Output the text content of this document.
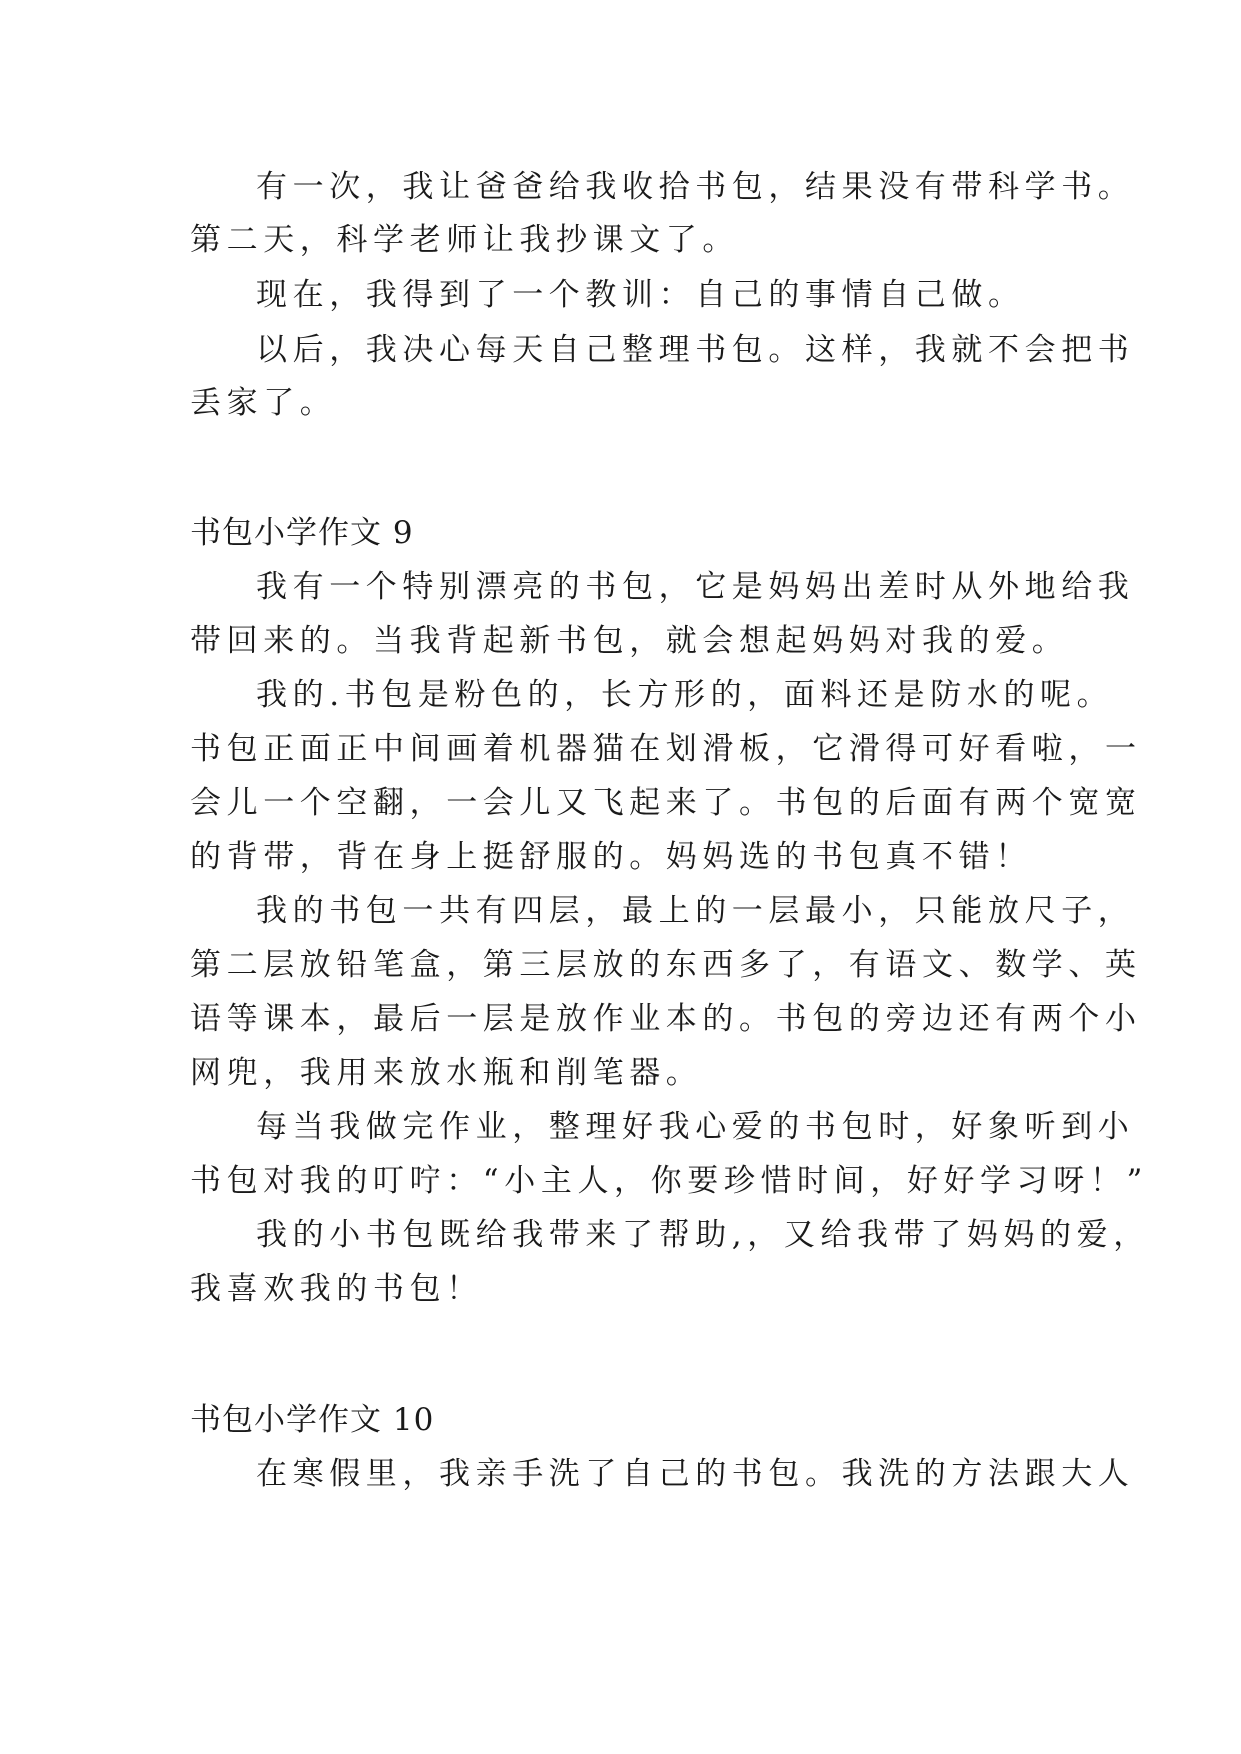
有一次，我让爸爸给我收拾书包，结果没有带科学书。
第二天，科学老师让我抄课文了。
现在，我得到了一个教训：自己的事情自己做。
以后，我决心每天自己整理书包。这样，我就不会把书
丢家了。
书包小学作文 9
我有一个特别漂亮的书包，它是妈妈出差时从外地给我
带回来的。当我背起新书包，就会想起妈妈对我的爱。
我的.书包是粉色的，长方形的，面料还是防水的呢。
书包正面正中间画着机器猫在划滑板，它滑得可好看啦，一
会儿一个空翻，一会儿又飞起来了。书包的后面有两个宽宽
的背带，背在身上挺舒服的。妈妈选的书包真不错！
我的书包一共有四层，最上的一层最小，只能放尺子，
第二层放铅笔盒，第三层放的东西多了，有语文、数学、英
语等课本，最后一层是放作业本的。书包的旁边还有两个小
网兜，我用来放水瓶和削笔器。
每当我做完作业，整理好我心爱的书包时，好象听到小
书包对我的叮咛：“小主人，你要珍惜时间，好好学习呀！”
我的小书包既给我带来了帮助,，又给我带了妈妈的爱，
我喜欢我的书包！
书包小学作文 10
在寒假里，我亲手洗了自己的书包。我洗的方法跟大人
